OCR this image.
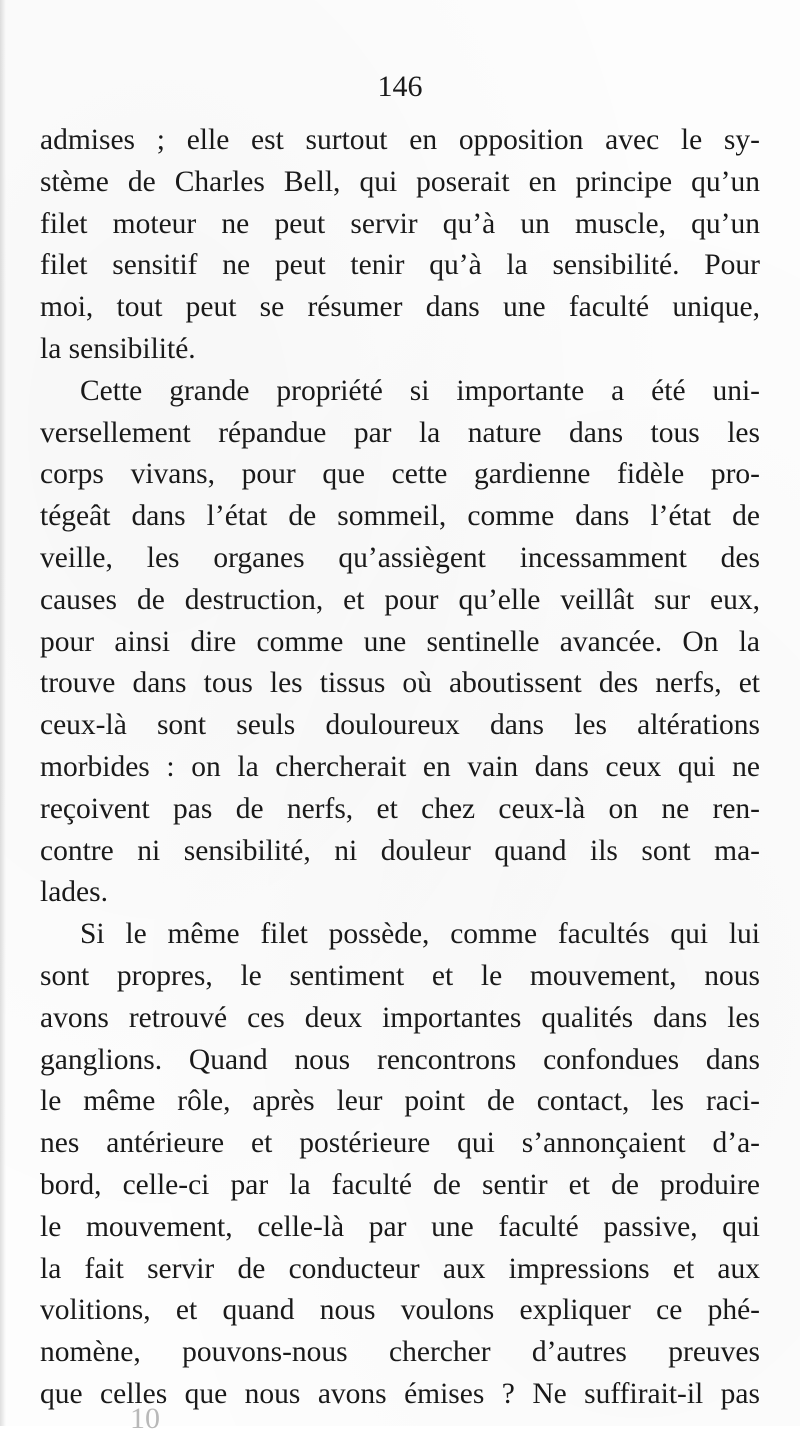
146
admises ; elle est surtout en opposition avec le sy-
stème de Charles Bell, qui poserait en principe qu’un
filet moteur ne peut servir qu’à un muscle, qu’un
filet sensitif ne peut tenir qu’à la sensibilité. Pour
moi, tout peut se résumer dans une faculté unique,
la sensibilité.
Cette grande propriété si importante a été uni-
versellement répandue par la nature dans tous les
corps vivans, pour que cette gardienne fidèle pro-
tégeât dans l’état de sommeil, comme dans l’état de
veille, les organes qu’assiègent incessamment des
causes de destruction, et pour qu’elle veillât sur eux,
pour ainsi dire comme une sentinelle avancée. On la
trouve dans tous les tissus où aboutissent des nerfs, et
ceux-là sont seuls douloureux dans les altérations
morbides : on la chercherait en vain dans ceux qui ne
reçoivent pas de nerfs, et chez ceux-là on ne ren-
contre ni sensibilité, ni douleur quand ils sont ma-
lades.
Si le même filet possède, comme facultés qui lui
sont propres, le sentiment et le mouvement, nous
avons retrouvé ces deux importantes qualités dans les
ganglions. Quand nous rencontrons confondues dans
le même rôle, après leur point de contact, les raci-
nes antérieure et postérieure qui s’annonçaient d’a-
bord, celle-ci par la faculté de sentir et de produire
le mouvement, celle-là par une faculté passive, qui
la fait servir de conducteur aux impressions et aux
volitions, et quand nous voulons expliquer ce phé-
nomène, pouvons-nous chercher d’autres preuves
que celles que nous avons émises ? Ne suffirait-il pas
10
